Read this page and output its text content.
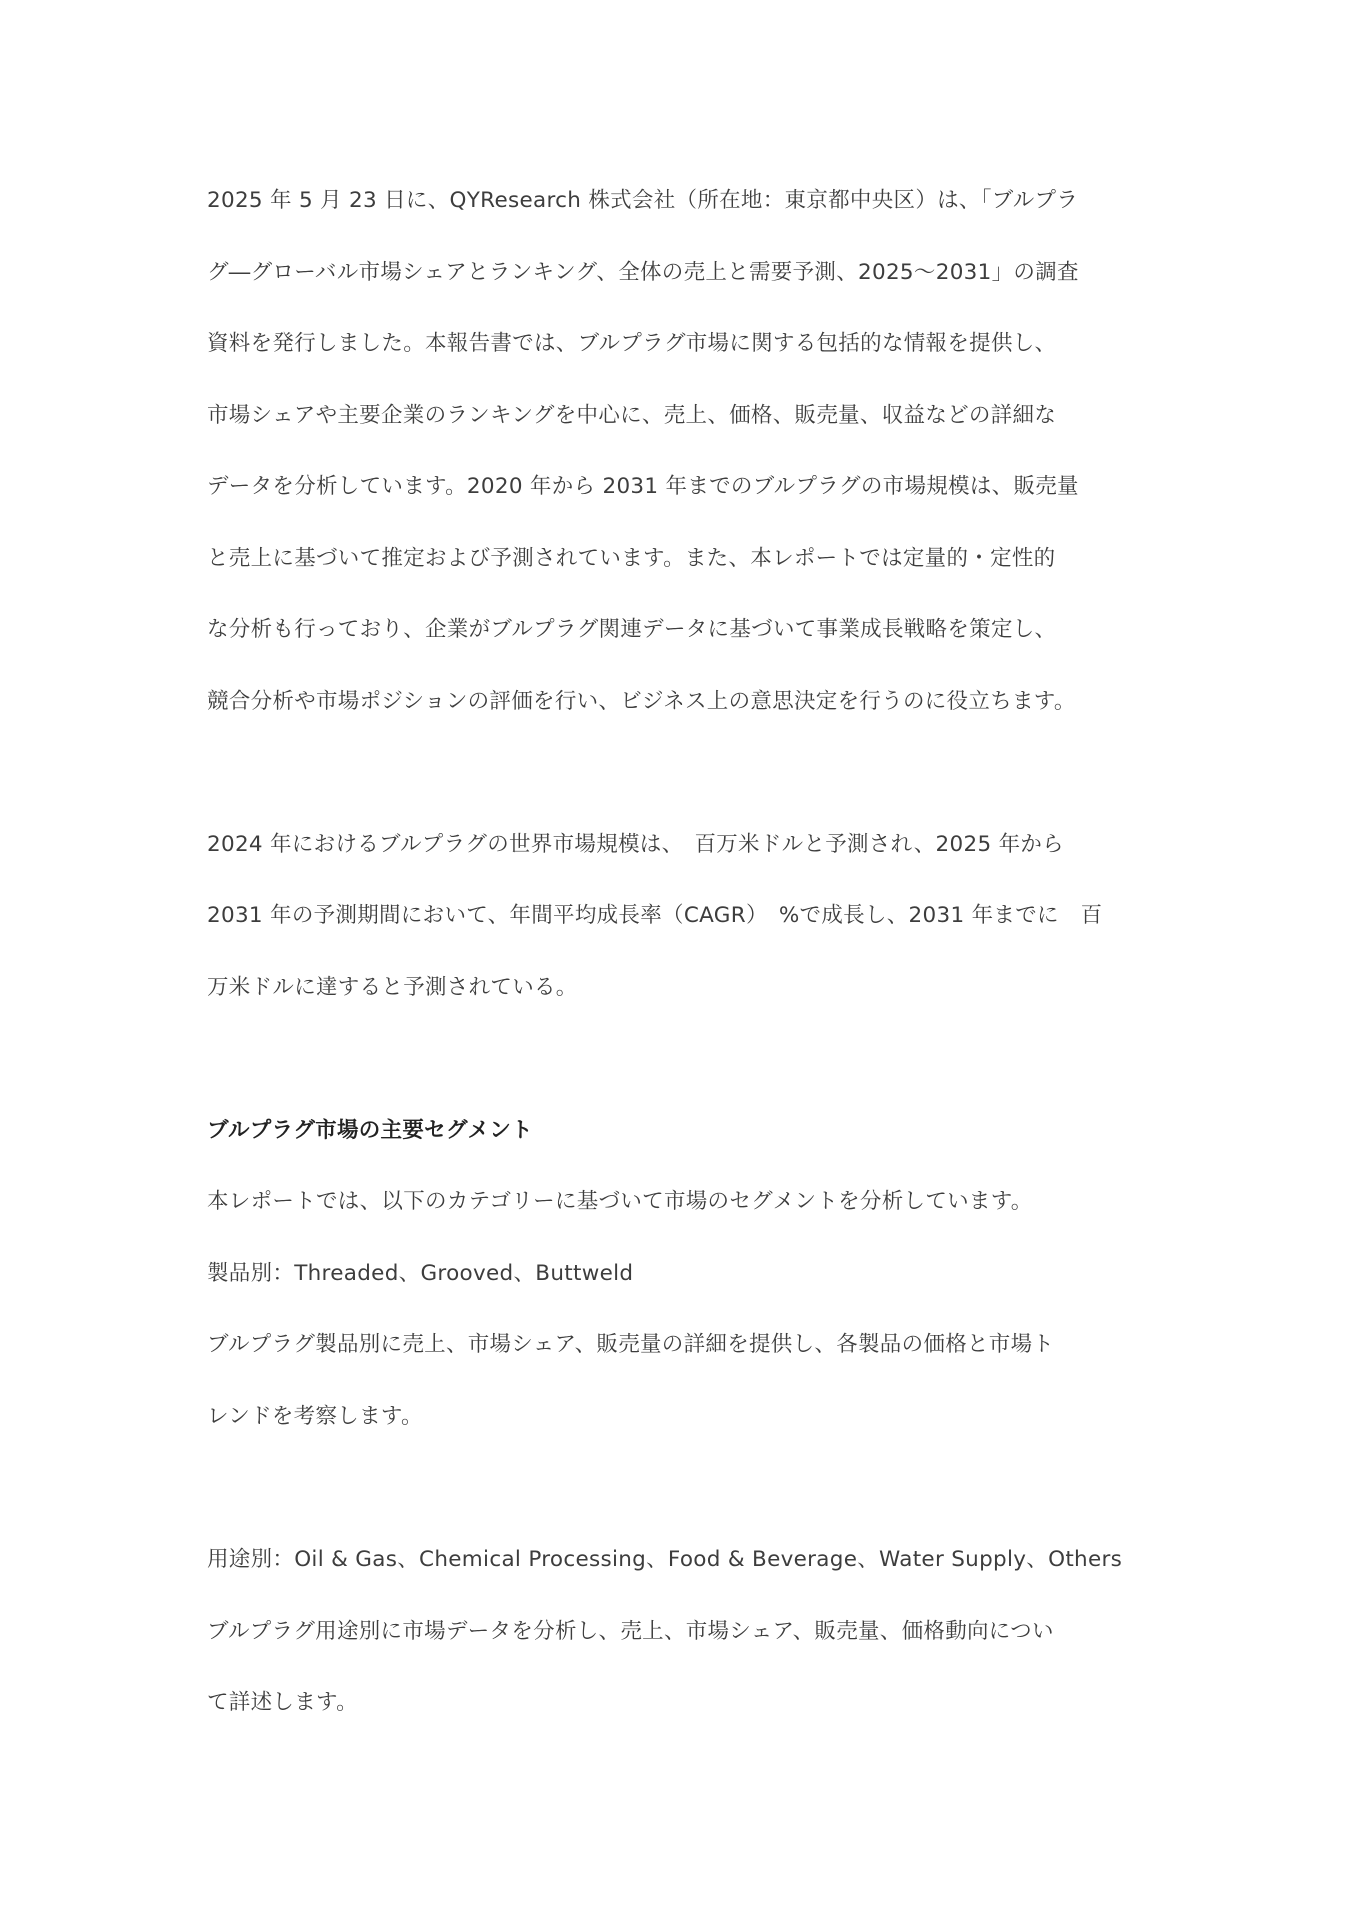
2025 年 5 月 23 日に、QYResearch 株式会社（所在地：東京都中央区）は、「ブルプラ
グ―グローバル市場シェアとランキング、全体の売上と需要予測、2025～2031」の調査
資料を発行しました。本報告書では、ブルプラグ市場に関する包括的な情報を提供し、
市場シェアや主要企業のランキングを中心に、売上、価格、販売量、収益などの詳細な
データを分析しています。2020 年から 2031 年までのブルプラグの市場規模は、販売量
と売上に基づいて推定および予測されています。また、本レポートでは定量的・定性的
な分析も行っており、企業がブルプラグ関連データに基づいて事業成長戦略を策定し、
競合分析や市場ポジションの評価を行い、ビジネス上の意思決定を行うのに役立ちます。
2024 年におけるブルプラグの世界市場規模は、　百万米ドルと予測され、2025 年から
2031 年の予測期間において、年間平均成長率（CAGR）　%で成長し、2031 年までに　百
万米ドルに達すると予測されている。
ブルプラグ市場の主要セグメント
本レポートでは、以下のカテゴリーに基づいて市場のセグメントを分析しています。
製品別：Threaded、Grooved、Buttweld
ブルプラグ製品別に売上、市場シェア、販売量の詳細を提供し、各製品の価格と市場ト
レンドを考察します。
用途別：Oil & Gas、Chemical Processing、Food & Beverage、Water Supply、Others
ブルプラグ用途別に市場データを分析し、売上、市場シェア、販売量、価格動向につい
て詳述します。
